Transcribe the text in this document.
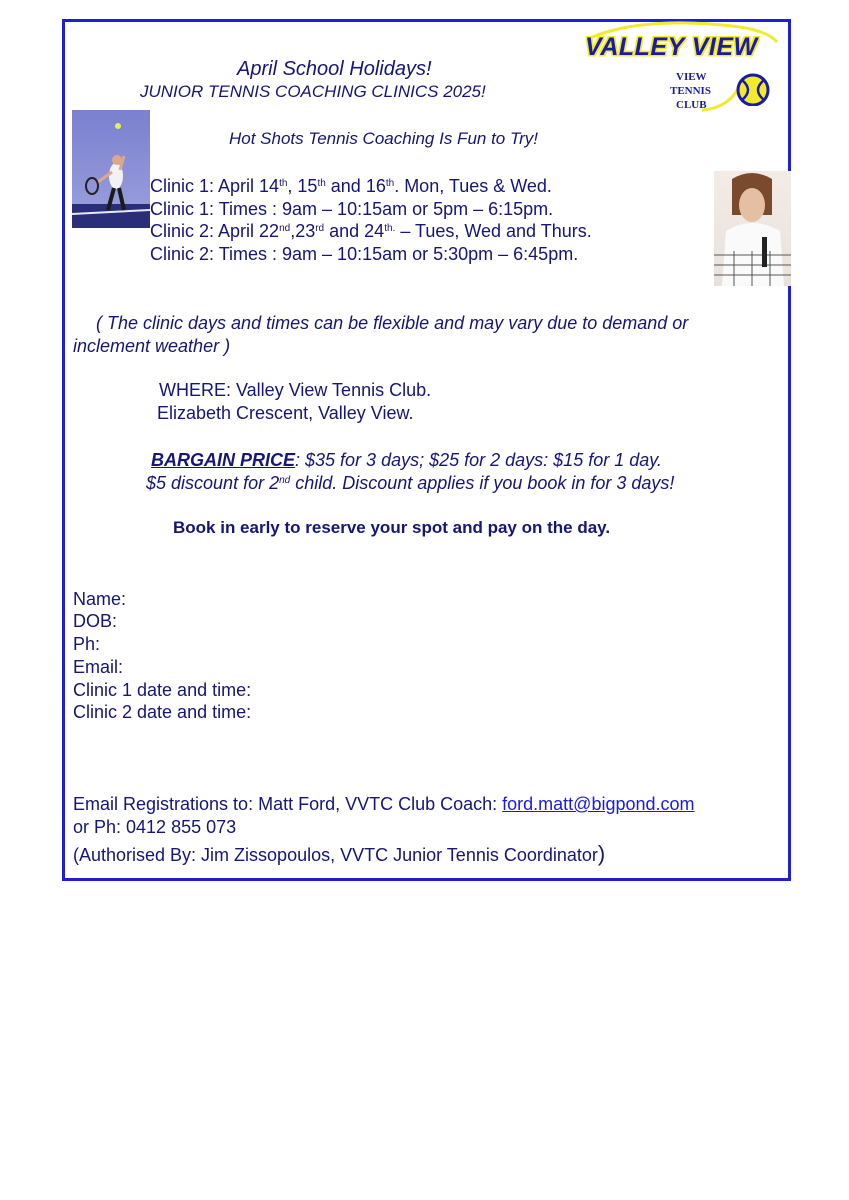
VALLEY VIEW
VIEW
TENNIS
CLUB
April School Holidays!
JUNIOR TENNIS COACHING CLINICS 2025!
Hot Shots Tennis Coaching Is Fun to Try!
Clinic 1: April 14th, 15th and 16th. Mon, Tues & Wed.
Clinic 1: Times : 9am – 10:15am or 5pm – 6:15pm.
Clinic 2: April 22nd,23rd and $24^{th.}$ – Tues, Wed and Thurs.
Clinic 2: Times : 9am – 10:15am or 5:30pm – 6:45pm.
( The clinic days and times can be flexible and may vary due to demand or
inclement weather )
WHERE: Valley View Tennis Club.
Elizabeth Crescent, Valley View.
BARGAIN PRICE: $35 for 3 days; $25 for 2 days: $15 for 1 day.
$5 discount for 2nd child. Discount applies if you book in for 3 days!
Book in early to reserve your spot and pay on the day.
Name:
DOB:
Ph:
Email:
Clinic 1 date and time:
Clinic 2 date and time:
Email Registrations to: Matt Ford, VVTC Club Coach: ford.matt@bigpond.com
or Ph: 0412 855 073
(Authorised By: Jim Zissopoulos, VVTC Junior Tennis Coordinator)
